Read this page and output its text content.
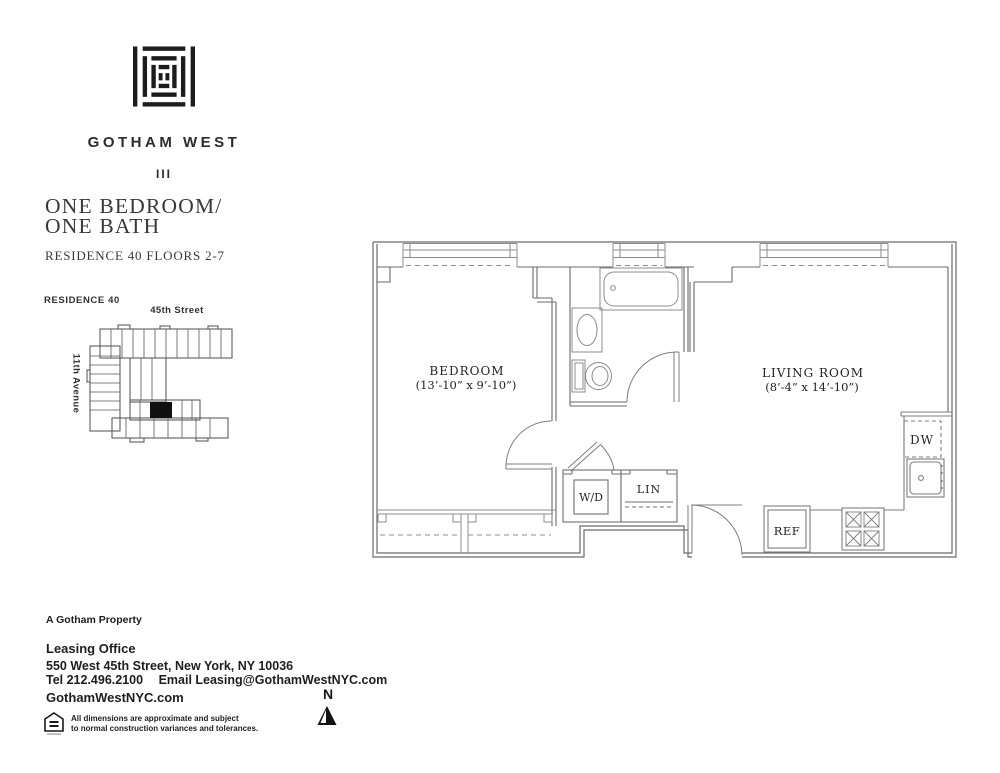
GOTHAM WEST
III
ONE BEDROOM/
ONE BATH
RESIDENCE 40 FLOORS 2-7
RESIDENCE 40
45th Street
11th Avenue	BEDROOM
(13’-10” x 9’-10”)
LIVING ROOM
(8’-4” x 14’-10”)
W/D
LIN
DW
REF
A Gotham Property
Leasing Office
550 West 45th Street, New York, NY 10036
Tel 212.496.2100 Email Leasing@GothamWestNYC.com
GothamWestNYC.com
All dimensions are approximate and subject
to normal construction variances and tolerances.
N
